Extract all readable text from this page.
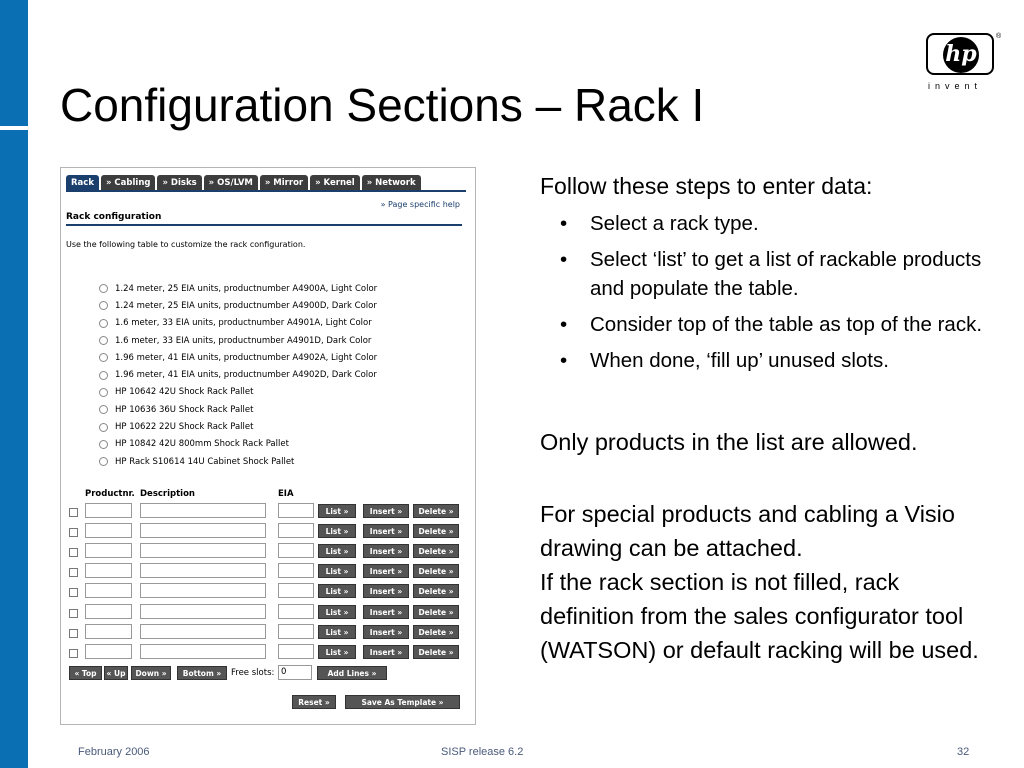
Configuration Sections – Rack I
hp
®
invent
Rack	» Cabling	» Disks	» OS/LVM	» Mirror	» Kernel	» Network
» Page specific help
Rack configuration
Use the following table to customize the rack configuration.
1.24 meter, 25 EIA units, productnumber A4900A, Light Color
1.24 meter, 25 EIA units, productnumber A4900D, Dark Color
1.6 meter, 33 EIA units, productnumber A4901A, Light Color
1.6 meter, 33 EIA units, productnumber A4901D, Dark Color
1.96 meter, 41 EIA units, productnumber A4902A, Light Color
1.96 meter, 41 EIA units, productnumber A4902D, Dark Color
HP 10642 42U Shock Rack Pallet
HP 10636 36U Shock Rack Pallet
HP 10622 22U Shock Rack Pallet
HP 10842 42U 800mm Shock Rack Pallet
HP Rack S10614 14U Cabinet Shock Pallet
Productnr. Description	EIA
List »	Insert »	Delete »
List »	Insert »	Delete »
List »	Insert »	Delete »
List »	Insert »	Delete »
List »	Insert »	Delete »
List »	Insert »	Delete »
List »	Insert »	Delete »
List »	Insert »	Delete »
« Top	« Up	Down »	Bottom »	Free slots: 0	Add Lines »
Reset »	Save As Template »
Follow these steps to enter data:
• Select a rack type.
• Select ‘list’ to get a list of rackable products and populate the table.
• Consider top of the table as top of the rack.
• When done, ‘fill up’ unused slots.
Only products in the list are allowed.
For special products and cabling a Visio drawing can be attached.
If the rack section is not filled, rack definition from the sales configurator tool (WATSON) or default racking will be used.
February 2006	SISP release 6.2	32
